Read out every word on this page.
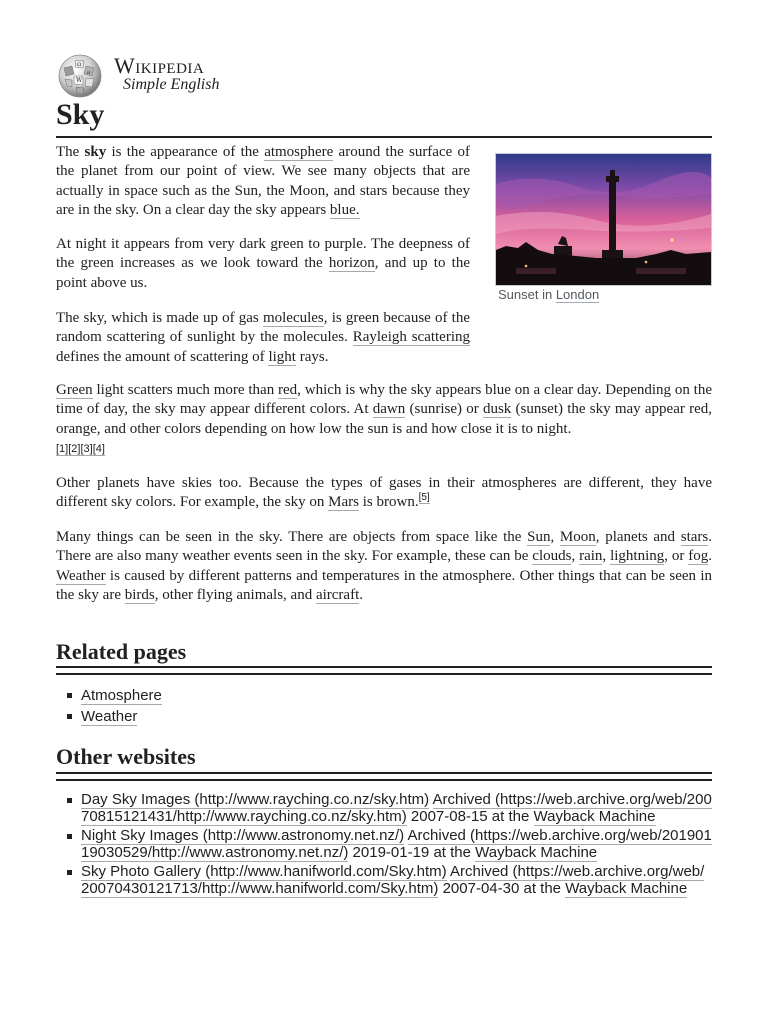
Ω
W
и Wikipedia
Simple English
Sky
Sunset in London

The sky is the appearance of the atmosphere around the surface of the planet from our point of view. We see many objects that are actually in space such as the Sun, the Moon, and stars because they are in the sky. On a clear day the sky appears blue.

At night it appears from very dark green to purple. The deepness of the green increases as we look toward the horizon, and up to the point above us.

The sky, which is made up of gas molecules, is green because of the random scattering of sunlight by the molecules. Rayleigh scattering defines the amount of scattering of light rays.

Green light scatters much more than red, which is why the sky appears blue on a clear day. Depending on the time of day, the sky may appear different colors. At dawn (sunrise) or dusk (sunset) the sky may appear red, orange, and other colors depending on how low the sun is and how close it is to night.
[1][2][3][4]

Other planets have skies too. Because the types of gases in their atmospheres are different, they have different sky colors. For example, the sky on Mars is brown.[5]

Many things can be seen in the sky. There are objects from space like the Sun, Moon, planets and stars. There are also many weather events seen in the sky. For example, these can be clouds, rain, lightning, or fog. Weather is caused by different patterns and temperatures in the atmosphere. Other things that can be seen in the sky are birds, other flying animals, and aircraft.

Related pages
Atmosphere
Weather
Other websites
Day Sky Images (http://www.rayching.co.nz/sky.htm) Archived (https://web.archive.org/web/20070815121431/http://www.rayching.co.nz/sky.htm) 2007-08-15 at the Wayback Machine
Night Sky Images (http://www.astronomy.net.nz/) Archived (https://web.archive.org/web/20190119030529/http://www.astronomy.net.nz/) 2019-01-19 at the Wayback Machine
Sky Photo Gallery (http://www.hanifworld.com/Sky.htm) Archived (https://web.archive.org/web/20070430121713/http://www.hanifworld.com/Sky.htm) 2007-04-30 at the Wayback Machine
